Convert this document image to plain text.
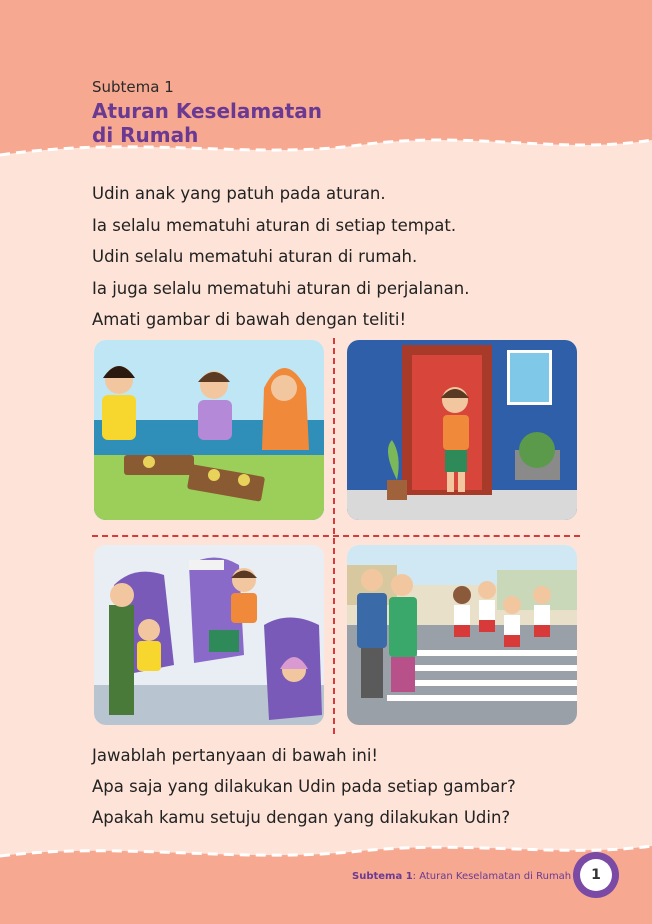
Subtema 1
Aturan Keselamatan
di Rumah
Udin anak yang patuh pada aturan.
Ia selalu mematuhi aturan di setiap tempat.
Udin selalu mematuhi aturan di rumah.
Ia juga selalu mematuhi aturan di perjalanan.
Amati gambar di bawah dengan teliti!
Jawablah pertanyaan di bawah ini!
Apa saja yang dilakukan Udin pada setiap gambar?
Apakah kamu setuju dengan yang dilakukan Udin?
Subtema 1: Aturan Keselamatan di Rumah	1
